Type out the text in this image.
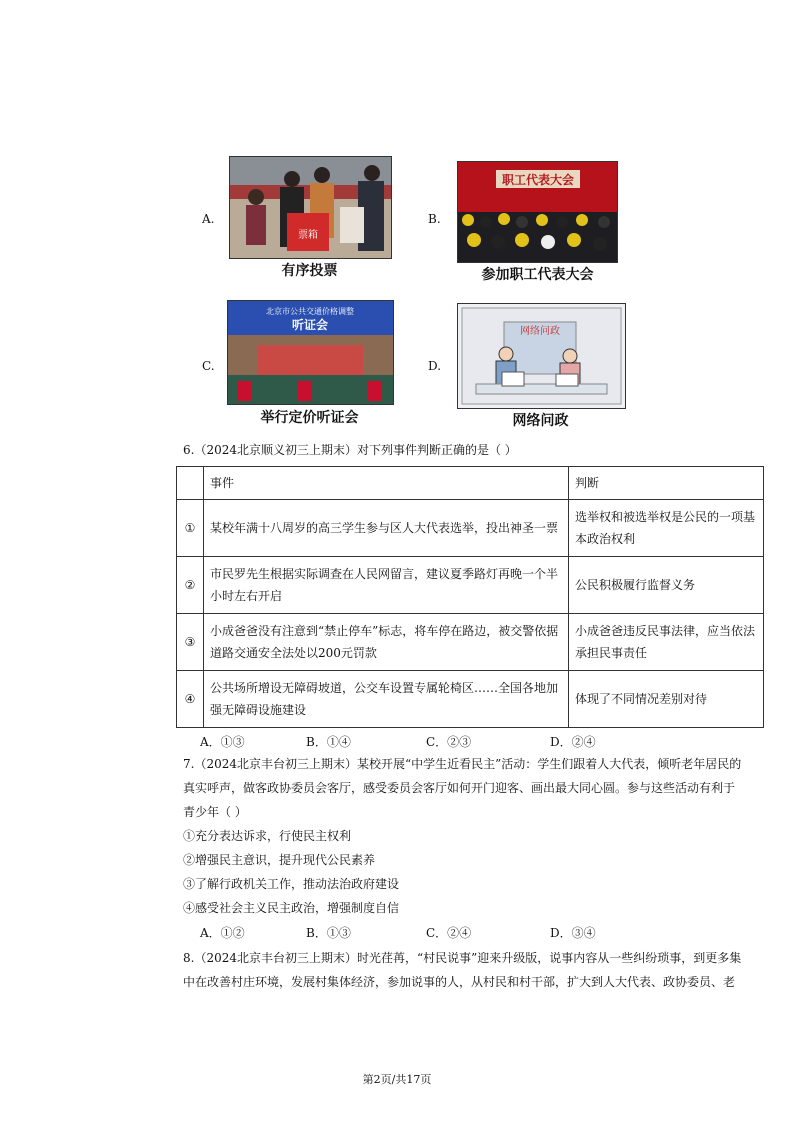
A.
票箱
有序投票
B.
职工代表大会
参加职工代表大会
C.
北京市公共交通价格调整
听证会
举行定价听证会
D.
网络问政
网络问政
6.（2024北京顺义初三上期末）对下列事件判断正确的是（ ）
	事件	判断
①	某校年满十八周岁的高三学生参与区人大代表选举，投出神圣一票	选举权和被选举权是公民的一项基本政治权利
②	市民罗先生根据实际调查在人民网留言，建议夏季路灯再晚一个半小时左右开启	公民积极履行监督义务
③	小成爸爸没有注意到“禁止停车”标志，将车停在路边，被交警依据道路交通安全法处以200元罚款	小成爸爸违反民事法律，应当依法承担民事责任
④	公共场所增设无障碍坡道，公交车设置专属轮椅区……全国各地加强无障碍设施建设	体现了不同情况差别对待
A．①③	B．①④	C．②③	D．②④
7.（2024北京丰台初三上期末）某校开展“中学生近看民主”活动：学生们跟着人大代表，倾听老年居民的
真实呼声，做客政协委员会客厅，感受委员会客厅如何开门迎客、画出最大同心圆。参与这些活动有利于
青少年（ ）
①充分表达诉求，行使民主权利
②增强民主意识，提升现代公民素养
③了解行政机关工作，推动法治政府建设
④感受社会主义民主政治，增强制度自信
A．①②	B．①③	C．②④	D．③④
8.（2024北京丰台初三上期末）时光荏苒，“村民说事”迎来升级版，说事内容从一些纠纷琐事，到更多集
中在改善村庄环境，发展村集体经济，参加说事的人，从村民和村干部，扩大到人大代表、政协委员、老
第2页/共17页
